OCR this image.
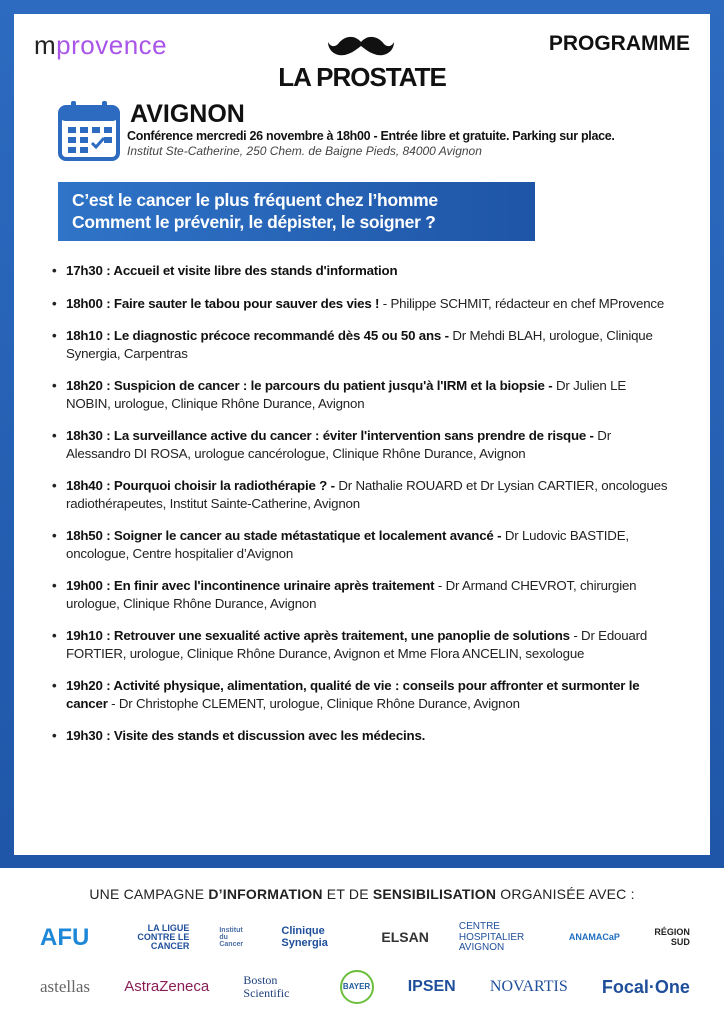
mprovence	PROGRAMME
LA PROSTATE
AVIGNON
Conférence mercredi 26 novembre à 18h00 - Entrée libre et gratuite. Parking sur place.
Institut Ste-Catherine, 250 Chem. de Baigne Pieds, 84000 Avignon
C’est le cancer le plus fréquent chez l’homme
Comment le prévenir, le dépister, le soigner ?
• 17h30 : Accueil et visite libre des stands d'information
• 18h00 : Faire sauter le tabou pour sauver des vies ! - Philippe SCHMIT, rédacteur en chef MProvence
• 18h10 : Le diagnostic précoce recommandé dès 45 ou 50 ans - Dr Mehdi BLAH, urologue, Clinique Synergia, Carpentras
• 18h20 : Suspicion de cancer : le parcours du patient jusqu'à l'IRM et la biopsie - Dr Julien LE NOBIN, urologue, Clinique Rhône Durance, Avignon
• 18h30 : La surveillance active du cancer : éviter l'intervention sans prendre de risque - Dr Alessandro DI ROSA, urologue cancérologue, Clinique Rhône Durance, Avignon
• 18h40 : Pourquoi choisir la radiothérapie ? - Dr Nathalie ROUARD et Dr Lysian CARTIER, oncologues radiothérapeutes, Institut Sainte-Catherine, Avignon
• 18h50 : Soigner le cancer au stade métastatique et localement avancé - Dr Ludovic BASTIDE, oncologue, Centre hospitalier d’Avignon
• 19h00 : En finir avec l'incontinence urinaire après traitement - Dr Armand CHEVROT, chirurgien urologue, Clinique Rhône Durance, Avignon
• 19h10 : Retrouver une sexualité active après traitement, une panoplie de solutions - Dr Edouard FORTIER, urologue, Clinique Rhône Durance, Avignon et Mme Flora ANCELIN, sexologue
• 19h20 : Activité physique, alimentation, qualité de vie : conseils pour affronter et surmonter le cancer - Dr Christophe CLEMENT, urologue, Clinique Rhône Durance, Avignon
• 19h30 : Visite des stands et discussion avec les médecins.
UNE CAMPAGNE D’INFORMATION ET DE SENSIBILISATION ORGANISÉE AVEC :
AFU	LA LIGUE CONTRE LE CANCER
Institut du Cancer
Clinique Synergia	ELSAN
CENTRE HOSPITALIER AVIGNON
ANAMACaP	RÉGION SUD
astellas AstraZeneca	Boston Scientific	BAYER IPSEN NOVARTIS Focal·One
